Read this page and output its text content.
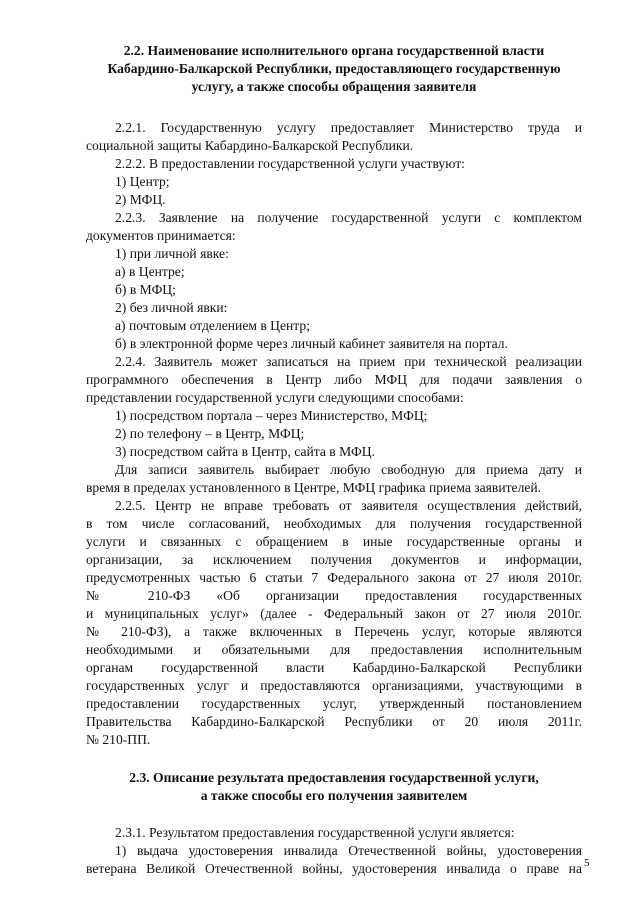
2.2. Наименование исполнительного органа государственной власти
Кабардино-Балкарской Республики, предоставляющего государственную
услугу, а также способы обращения заявителя

2.2.1. Государственную услугу предоставляет Министерство труда и
социальной защиты Кабардино-Балкарской Республики.

2.2.2. В предоставлении государственной услуги участвуют:

1) Центр;

2) МФЦ.

2.2.3. Заявление на получение государственной услуги с комплектом
документов принимается:

1) при личной явке:

а) в Центре;

б) в МФЦ;

2) без личной явки:

а) почтовым отделением в Центр;

б) в электронной форме через личный кабинет заявителя на портал.

2.2.4. Заявитель может записаться на прием при технической реализации
программного обеспечения в Центр либо МФЦ для подачи заявления о
представлении государственной услуги следующими способами:

1) посредством портала – через Министерство, МФЦ;

2) по телефону – в Центр, МФЦ;

3) посредством сайта в Центр, сайта в МФЦ.

Для записи заявитель выбирает любую свободную для приема дату и
время в пределах установленного в Центре, МФЦ графика приема заявителей.

2.2.5. Центр не вправе требовать от заявителя осуществления действий,
в том числе согласований, необходимых для получения государственной
услуги и связанных с обращением в иные государственные органы и
организации, за исключением получения документов и информации,
предусмотренных частью 6 статьи 7 Федерального закона от 27 июля 2010г.
№ 210-ФЗ «Об организации предоставления государственных
и муниципальных услуг» (далее - Федеральный закон от 27 июля 2010г.
№ 210-ФЗ), а также включенных в Перечень услуг, которые являются
необходимыми и обязательными для предоставления исполнительным
органам государственной власти Кабардино-Балкарской Республики
государственных услуг и предоставляются организациями, участвующими в
предоставлении государственных услуг, утвержденный постановлением
Правительства Кабардино-Балкарской Республики от 20 июля 2011г.
№ 210-ПП.

2.3. Описание результата предоставления государственной услуги,
а также способы его получения заявителем

2.3.1. Результатом предоставления государственной услуги является:

1) выдача удостоверения инвалида Отечественной войны, удостоверения
ветерана Великой Отечественной войны, удостоверения инвалида о праве на 5
